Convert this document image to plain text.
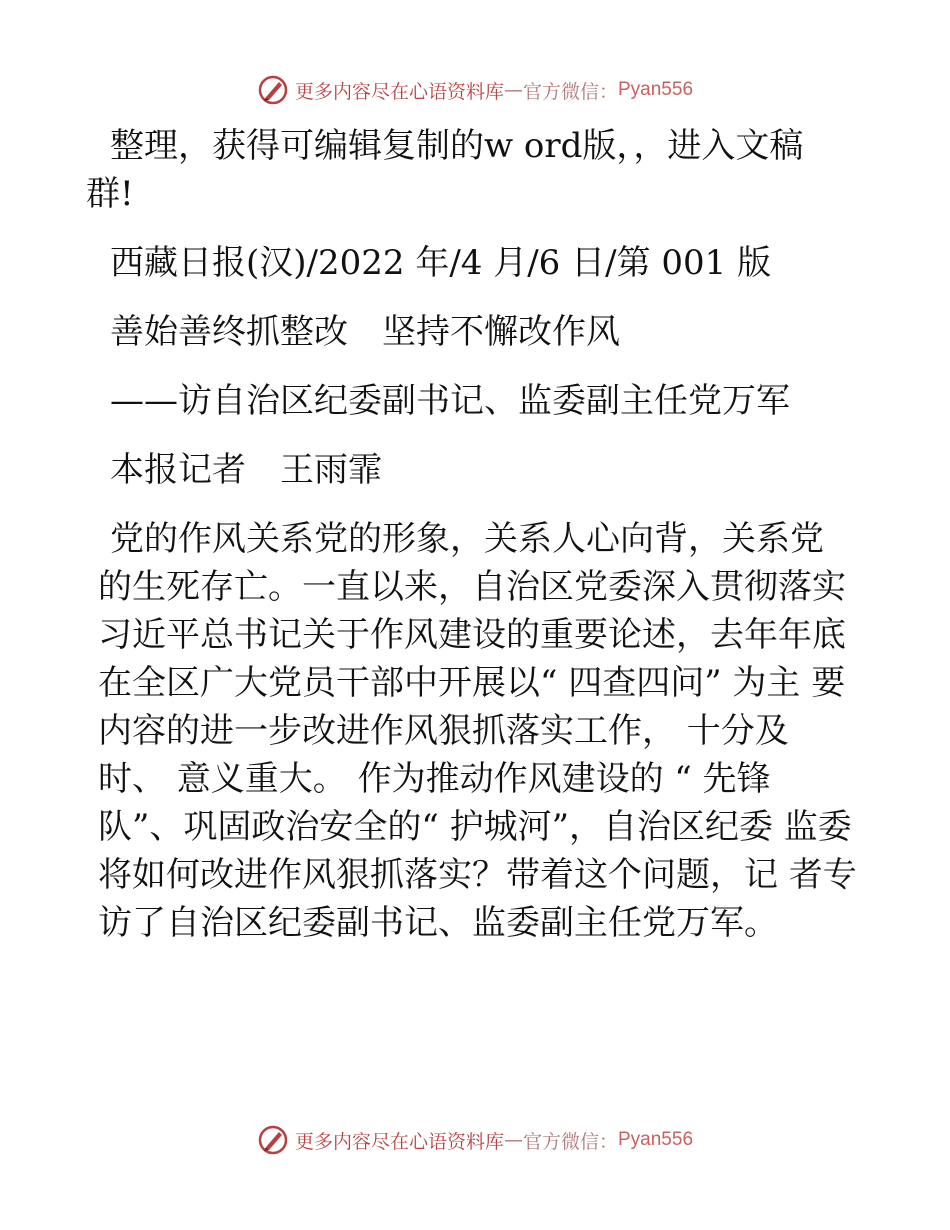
更多内容尽在心语资料库 — 官方微信： Pyan556
整理，获得可编辑复制的w ord版，，进入文稿
群!
西藏日报(汉)/2022 年/4 月/6 日/第 001 版
善始善终抓整改　坚持不懈改作风
——访自治区纪委副书记、监委副主任党万军
本报记者　王雨霏
党的作风关系党的形象，关系人心向背，关系党 的生死存亡。一直以来，自治区党委深入贯彻落实 习近平总书记关于作风建设的重要论述，去年年底 在全区广大党员干部中开展以“ 四查四问” 为主 要内容的进一步改进作风狠抓落实工作， 十分及 时、 意义重大。 作为推动作风建设的 “ 先锋 队”、巩固政治安全的“ 护城河”，自治区纪委 监委将如何改进作风狠抓落实？带着这个问题，记 者专访了自治区纪委副书记、监委副主任党万军。
更多内容尽在心语资料库 — 官方微信： Pyan556
